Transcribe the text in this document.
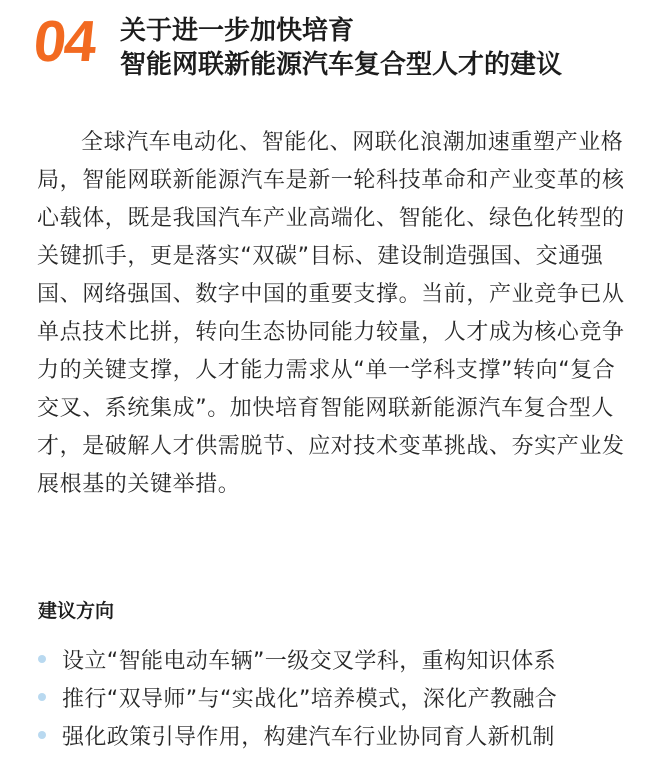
04 关于进一步加快培育
智能网联新能源汽车复合型人才的建议

全球汽车电动化、智能化、网联化浪潮加速重塑产业格局，智能网联新能源汽车是新一轮科技革命和产业变革的核心载体，既是我国汽车产业高端化、智能化、绿色化转型的关键抓手，更是落实“双碳”目标、建设制造强国、交通强国、网络强国、数字中国的重要支撑。当前，产业竞争已从单点技术比拼，转向生态协同能力较量，人才成为核心竞争力的关键支撑，人才能力需求从“单一学科支撑”转向“复合交叉、系统集成”。加快培育智能网联新能源汽车复合型人才，是破解人才供需脱节、应对技术变革挑战、夯实产业发展根基的关键举措。

建议方向
设立“智能电动车辆”一级交叉学科，重构知识体系
推行“双导师”与“实战化”培养模式，深化产教融合
强化政策引导作用，构建汽车行业协同育人新机制
